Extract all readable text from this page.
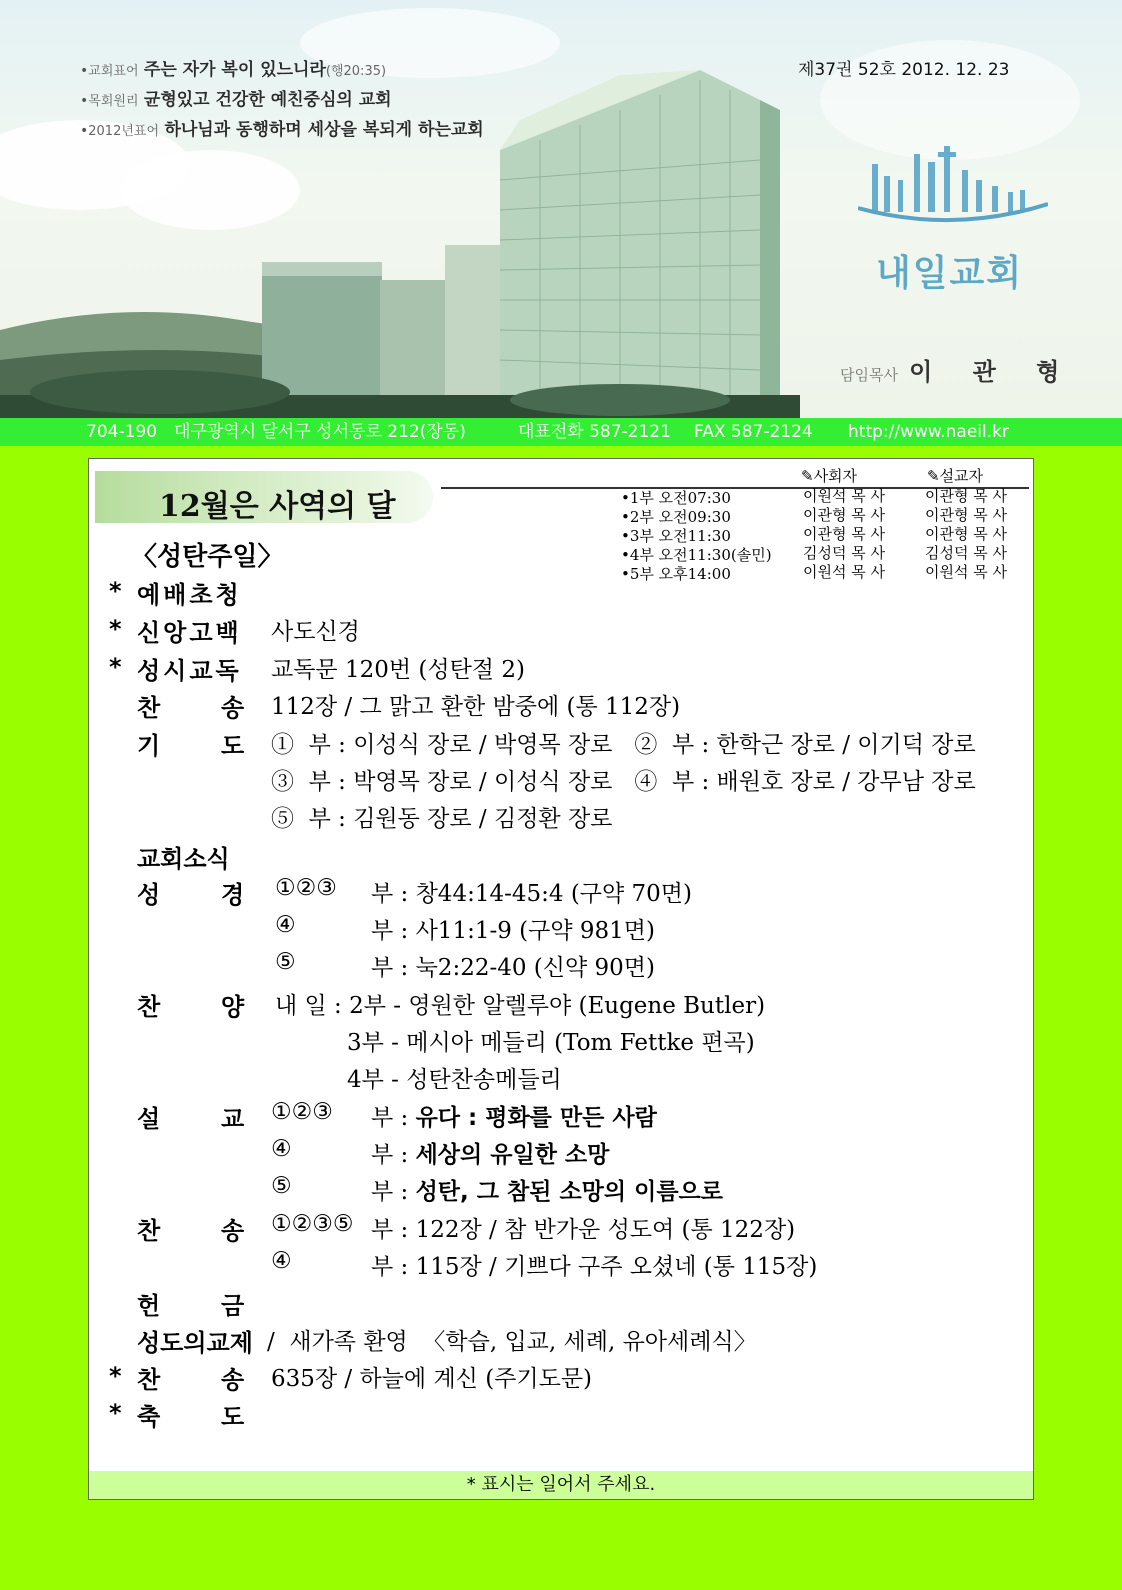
•교회표어 주는 자가 복이 있느니라(행20:35)
•목회원리 균형있고 건강한 예친중심의 교회
•2012년표어 하나님과 동행하며 세상을 복되게 하는교회
제37권 52호 2012. 12. 23
내일교회
담임목사 이 관 형
704-190 대구광역시 달서구 성서동로 212(장동)	대표전화 587-2121 FAX 587-2124 http://www.naeil.kr
12월은 사역의 달
✎사회자	✎설교자
•1부 오전07:30	이원석 목 사	이관형 목 사
•2부 오전09:30	이관형 목 사	이관형 목 사
•3부 오전11:30	이관형 목 사	이관형 목 사
•4부 오전11:30(솔민) 김성덕 목 사	김성덕 목 사
•5부 오후14:00	이원석 목 사	이원석 목 사
〈성탄주일〉
* 예배초청
* 신앙고백 사도신경
* 성시교독 교독문 120번 (성탄절 2)
찬	송 112장 / 그 맑고 환한 밤중에 (통 112장)
기	도 ①  부 : 이성식 장로 / 박영목 장로   ②  부 : 한학근 장로 / 이기덕 장로
③  부 : 박영목 장로 / 이성식 장로   ④  부 : 배원호 장로 / 강무남 장로
⑤  부 : 김원동 장로 / 김정환 장로
교회소식
성	경 ①②③ 부 : 창44:14-45:4 (구약 70면)
④	부 : 사11:1-9 (구약 981면)
⑤	부 : 눅2:22-40 (신약 90면)
찬	양 내 일 : 2부 - 영원한 알렐루야 (Eugene Butler)
3부 - 메시아 메들리 (Tom Fettke 편곡)
4부 - 성탄찬송메들리
설	교 ①②③ 부 : 유다 : 평화를 만든 사람
④	부 : 세상의 유일한 소망
⑤	부 : 성탄, 그 참된 소망의 이름으로
찬	송 ①②③⑤ 부 : 122장 / 참 반가운 성도여 (통 122장)
④	부 : 115장 / 기쁘다 구주 오셨네 (통 115장)
헌	금
성도의교제 /  새가족 환영  〈학습, 입교, 세례, 유아세례식〉
* 찬	송 635장 / 하늘에 계신 (주기도문)
* 축	도
* 표시는 일어서 주세요.
